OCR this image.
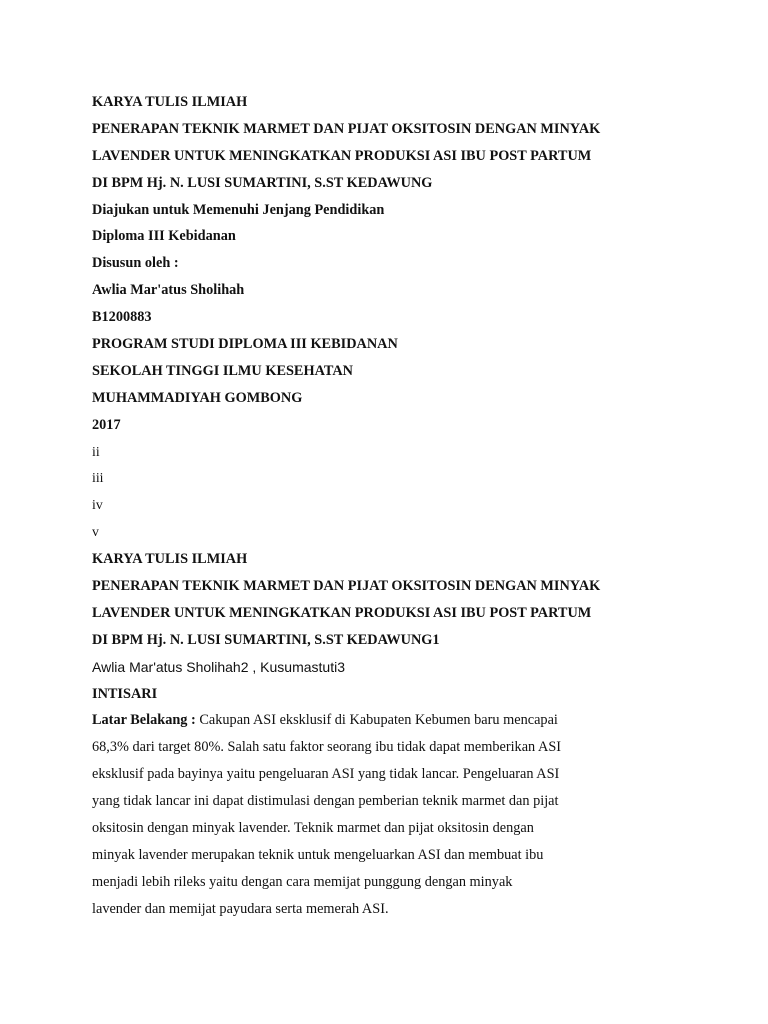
KARYA TULIS ILMIAH
PENERAPAN TEKNIK MARMET DAN PIJAT OKSITOSIN DENGAN MINYAK
LAVENDER UNTUK MENINGKATKAN PRODUKSI ASI IBU POST PARTUM
DI BPM Hj. N. LUSI SUMARTINI, S.ST KEDAWUNG
Diajukan untuk Memenuhi Jenjang Pendidikan
Diploma III Kebidanan
Disusun oleh :
Awlia Mar'atus Sholihah
B1200883
PROGRAM STUDI DIPLOMA III KEBIDANAN
SEKOLAH TINGGI ILMU KESEHATAN
MUHAMMADIYAH GOMBONG
2017
ii
iii
iv
v
KARYA TULIS ILMIAH
PENERAPAN TEKNIK MARMET DAN PIJAT OKSITOSIN DENGAN MINYAK
LAVENDER UNTUK MENINGKATKAN PRODUKSI ASI IBU POST PARTUM
DI BPM Hj. N. LUSI SUMARTINI, S.ST KEDAWUNG1
Awlia Mar'atus Sholihah2 , Kusumastuti3
INTISARI
Latar Belakang : Cakupan ASI eksklusif di Kabupaten Kebumen baru mencapai
68,3% dari target 80%. Salah satu faktor seorang ibu tidak dapat memberikan ASI
eksklusif pada bayinya yaitu pengeluaran ASI yang tidak lancar. Pengeluaran ASI
yang tidak lancar ini dapat distimulasi dengan pemberian teknik marmet dan pijat
oksitosin dengan minyak lavender. Teknik marmet dan pijat oksitosin dengan
minyak lavender merupakan teknik untuk mengeluarkan ASI dan membuat ibu
menjadi lebih rileks yaitu dengan cara memijat punggung dengan minyak
lavender dan memijat payudara serta memerah ASI.
